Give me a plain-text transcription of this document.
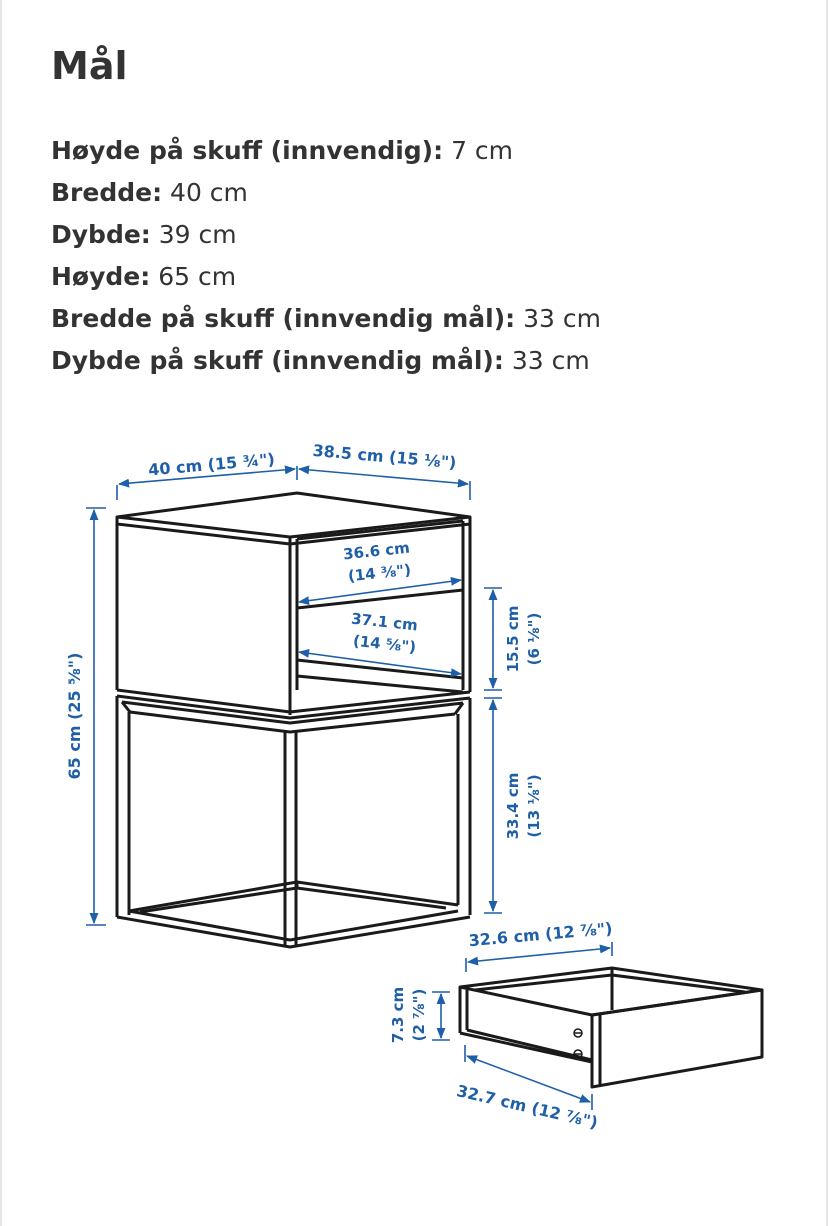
Mål
Høyde på skuff (innvendig): 7 cm
Bredde: 40 cm
Dybde: 39 cm
Høyde: 65 cm
Bredde på skuff (innvendig mål): 33 cm
Dybde på skuff (innvendig mål): 33 cm
40 cm (15 ¾") 38.5 cm (15 ⅛")
36.6 cm
(14 ⅜")
37.1 cm
(14 ⅝")
65 cm (25 ⅝")
15.5 cm (6 ⅛")
33.4 cm (13 ⅛")
32.6 cm (12 ⅞")
7.3 cm (2 ⅞")
32.7 cm (12 ⅞")
